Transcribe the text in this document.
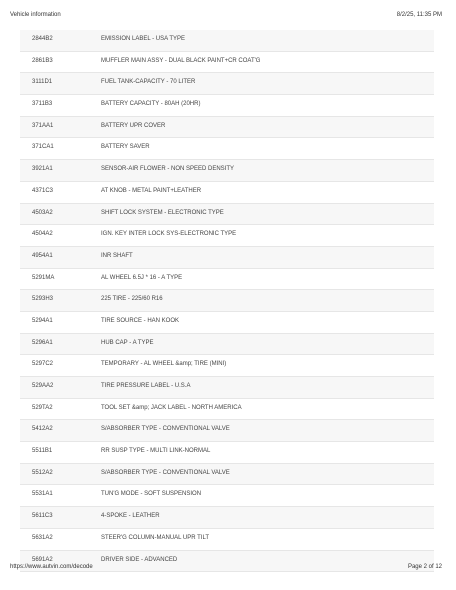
Vehicle information	8/2/25, 11:35 PM
2844B2	EMISSION LABEL - USA TYPE
2861B3	MUFFLER MAIN ASSY - DUAL BLACK PAINT+CR COAT'G
3111D1	FUEL TANK-CAPACITY - 70 LITER
3711B3	BATTERY CAPACITY - 80AH (20HR)
371AA1	BATTERY UPR COVER
371CA1	BATTERY SAVER
3921A1	SENSOR-AIR FLOWER - NON SPEED DENSITY
4371C3	AT KNOB - METAL PAINT+LEATHER
4503A2	SHIFT LOCK SYSTEM - ELECTRONIC TYPE
4504A2	IGN. KEY INTER LOCK SYS-ELECTRONIC TYPE
4954A1	INR SHAFT
5291MA	AL WHEEL 6.5J * 16 - A TYPE
5293H3	225 TIRE - 225/60 R16
5294A1	TIRE SOURCE - HAN KOOK
5296A1	HUB CAP - A TYPE
5297C2	TEMPORARY - AL WHEEL &amp; TIRE (MINI)
529AA2	TIRE PRESSURE LABEL - U.S.A
529TA2	TOOL SET &amp; JACK LABEL - NORTH AMERICA
5412A2	S/ABSORBER TYPE - CONVENTIONAL VALVE
5511B1	RR SUSP TYPE - MULTI LINK-NORMAL
5512A2	S/ABSORBER TYPE - CONVENTIONAL VALVE
5531A1	TUN'G MODE - SOFT SUSPENSION
5611C3	4-SPOKE - LEATHER
5631A2	STEER'G COLUMN-MANUAL UPR TILT
5691A2	DRIVER SIDE - ADVANCED
https://www.autvin.com/decode	Page 2 of 12
